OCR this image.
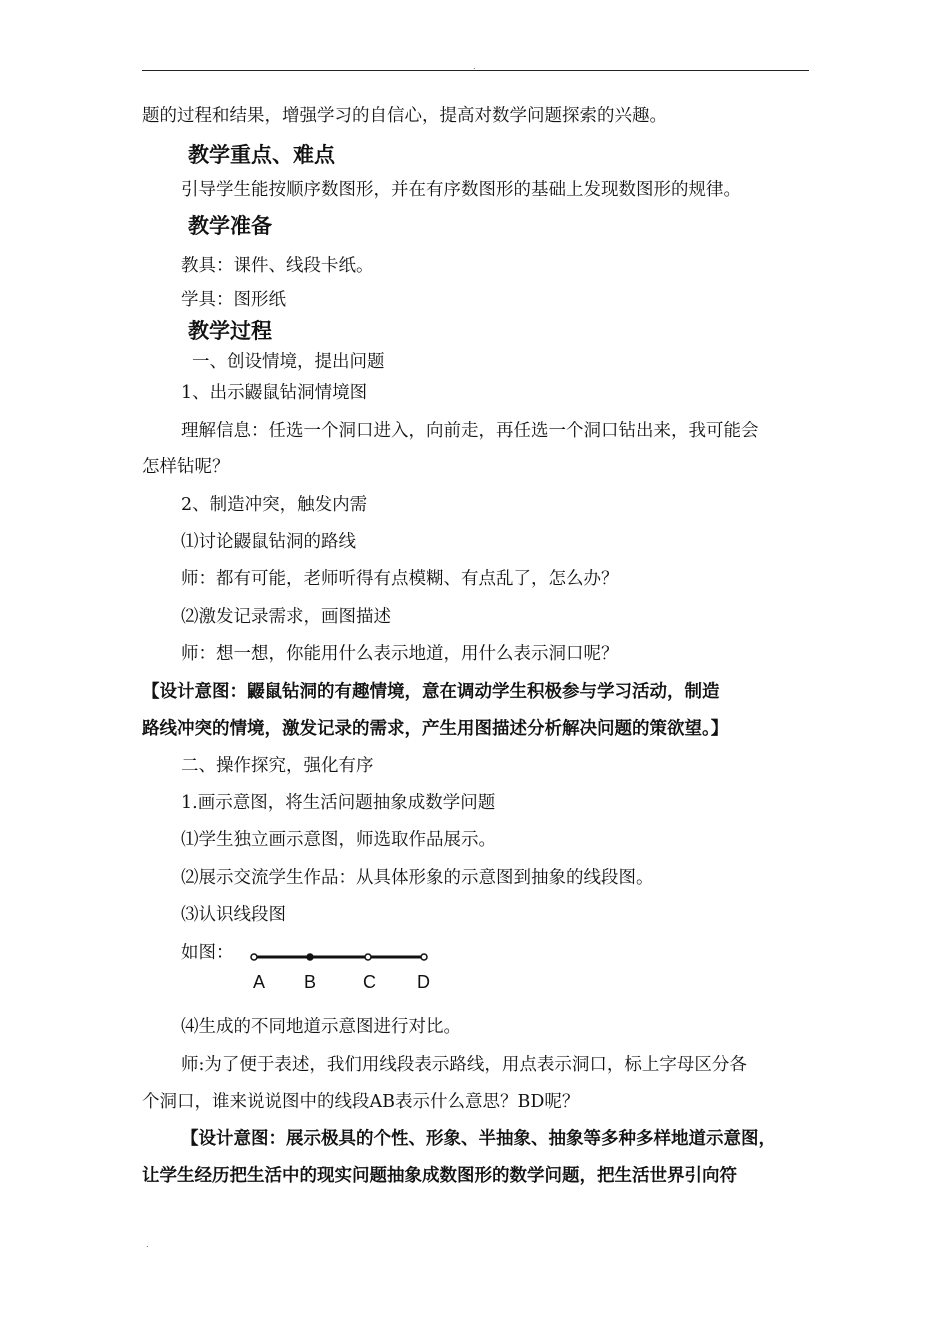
.
题的过程和结果，增强学习的自信心，提高对数学问题探索的兴趣。
教学重点、难点
引导学生能按顺序数图形，并在有序数图形的基础上发现数图形的规律。
教学准备
教具：课件、线段卡纸。
学具：图形纸
教学过程
一、创设情境，提出问题
1、出示鼹鼠钻洞情境图
理解信息：任选一个洞口进入，向前走，再任选一个洞口钻出来，我可能会
怎样钻呢？
2、制造冲突，触发内需
⑴讨论鼹鼠钻洞的路线
师：都有可能，老师听得有点模糊、有点乱了，怎么办？
⑵激发记录需求，画图描述
师：想一想，你能用什么表示地道，用什么表示洞口呢？
【设计意图：鼹鼠钻洞的有趣情境，意在调动学生积极参与学习活动，制造
路线冲突的情境，激发记录的需求，产生用图描述分析解决问题的策欲望。】
二、操作探究，强化有序
1.画示意图，将生活问题抽象成数学问题
⑴学生独立画示意图，师选取作品展示。
⑵展示交流学生作品：从具体形象的示意图到抽象的线段图。
⑶认识线段图
如图：
A B	C D
⑷生成的不同地道示意图进行对比。
师:为了便于表述，我们用线段表示路线，用点表示洞口，标上字母区分各
个洞口，谁来说说图中的线段AB表示什么意思？BD呢？
【设计意图：展示极具的个性、形象、半抽象、抽象等多种多样地道示意图，
让学生经历把生活中的现实问题抽象成数图形的数学问题，把生活世界引向符
.
